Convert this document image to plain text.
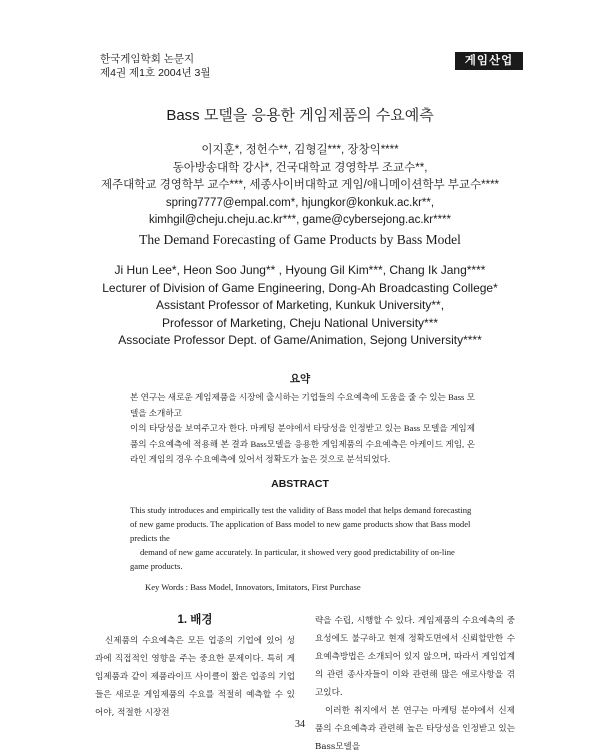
한국게임학회 논문지
제4권 제1호 2004년 3월
게임산업
Bass 모델을 응용한 게임제품의 수요예측
이지훈*, 정헌수**, 김형길***, 장창익****
동아방송대학 강사*, 건국대학교 경영학부 조교수**,
제주대학교 경영학부 교수***, 세종사이버대학교 게임/애니메이션학부 부교수****
spring7777@empal.com*, hjungkor@konkuk.ac.kr**,
kimhgil@cheju.cheju.ac.kr***, game@cybersejong.ac.kr****
The Demand Forecasting of Game Products by Bass Model
Ji Hun Lee*, Heon Soo Jung** , Hyoung Gil Kim***, Chang Ik Jang****
Lecturer of Division of Game Engineering, Dong-Ah Broadcasting College*
Assistant Professor of Marketing, Kunkuk University**,
Professor of Marketing, Cheju National University***
Associate Professor Dept. of Game/Animation, Sejong University****
요약

본 연구는 새로운 게임제품을 시장에 출시하는 기업들의 수요예측에 도움을 줄 수 있는 Bass 모델을 소개하고

이의 타당성을 보여주고자 한다. 마케팅 분야에서 타당성을 인정받고 있는 Bass 모델을 게임제품의 수요예측에 적용해 본 결과 Bass모델을 응용한 게임제품의 수요예측은 아케이드 게임, 온라인 게임의 경우 수요예측에 있어서 정확도가 높은 것으로 분석되었다.

ABSTRACT

This study introduces and empirically test the validity of Bass model that helps demand forecasting of new game products. The application of Bass model to new game products show that Bass model predicts the

demand of new game accurately. In particular, it showed very good predictability of on-line game products.

Key Words : Bass Model, Innovators, Imitators, First Purchase
1. 배경

신제품의 수요예측은 모든 업종의 기업에 있어 성과에 직접적인 영향을 주는 중요한 문제이다. 특히 게임제품과 같이 제품라이프 사이클이 짧은 업종의 기업들은 새로운 게임제품의 수요를 적절히 예측할 수 있어야, 적절한 시장전

략을 수립, 시행할 수 있다. 게임제품의 수요예측의 중요성에도 불구하고 현재 정확도면에서 신뢰할만한 수요예측방법은 소개되어 있지 않으며, 따라서 게임업계의 관련 종사자들이 이와 관련해 많은 애로사항을 겪고있다.

이러한 취지에서 본 연구는 마케팅 분야에서 신제품의 수요예측과 관련해 높은 타당성을 인정받고 있는 Bass모델을

34
